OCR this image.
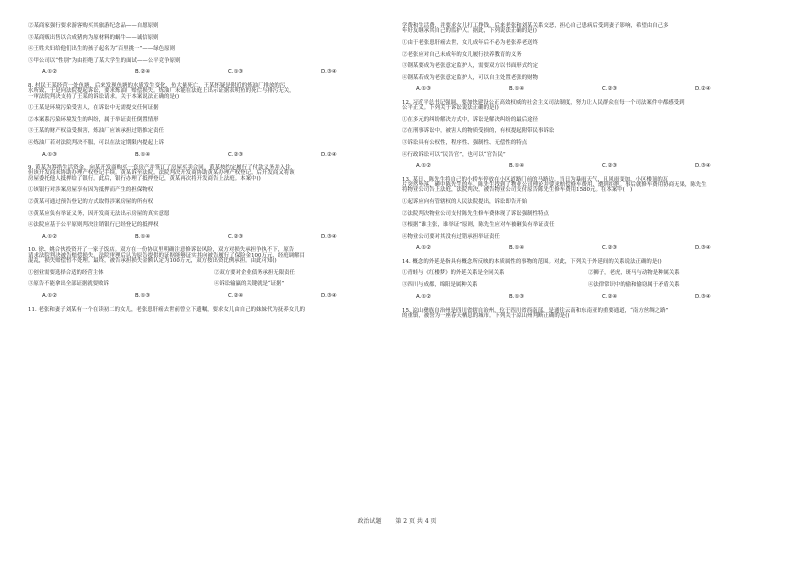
②某商家强行要求游客购买其旅游纪念品——自愿原则
③某商贩出售以合成猪肉为原材料的蜗牛——诚信原则
④王姓夫妇给他们出生的孩子起名为“百里挑一”——绿色原则
⑤甲公司以“性别”为由拒绝了某大学生的面试——公平竞争原则
A.①②	B.②④	C.①③	D.③④
8. 村民王某经营一处鱼塘，后来发现鱼塘的水质发生变化，鱼大量死亡，王某怀疑是附近的炼油厂排放的污
水所致，于是向法院提起诉讼，要求炼油厂赔偿损失。炼油厂未能在法庭上出示证据表明鱼的死亡与排污无关，
一审法院判决支持了王某的诉讼请求。关于本案说法正确的是()
①王某是环境污染受害人，在诉讼中无需提交任何证据
②本案系污染环境发生的纠纷，属于举证责任倒置情形
③王某的财产权益受损害，炼油厂应该承担过错推定责任
④炼油厂若对法院判决不服，可以在法定期限内提起上诉
A.①③	B.①④	C.②③	D.②④
9. 黄某为筹措生活资金，向某开发商购买一套房产并签订了房屋买卖合同。黄某按约定履行了付款义务并入住，
但该开发商未协助办理产权登记手续。黄某诉至法院，法院判决开发商协助黄某办理产权登记，后开发商又将该
房屋委托他人抵押给了银行。此后，银行办理了抵押登记，黄某再次将开发商告上法庭。本案中()
①该银行对涉案房屋享有因为抵押而产生的担保物权
②黄某可通过预告登记的方式取得涉案房屋的所有权
③黄某应负有举证义务，因开发商无法出示房屋的真实意愿
④法院应基于公平原则判决注销银行已经登记的抵押权
A.①②	B.①④	C.②③	D.③④
10. 徐、姚合伙投资开了一家子饭店。双方在一份协议里明确注意修诉讼风险，双方对损失承担争执不下，原告
请求法院判决被告赔偿损失。法院审理后认为原告提供的证据能够证实其向被告履行了保险金100万元，经庭调解目
混乱，损失赔偿暂不处理。最终，被告承担损失金额认定为100万元，双方按出资比例承担。由此可知()
①创业需要选择合适的经营主体	②双方要对企业债务承担无限责任
③原告不能拿出全部证据就要败诉	④诉讼输赢的关键就是“证据”
A.①②	B.①③	C.②④	D.③④
11. 老张和妻子刘某有一个在读初二的女儿，老张患肝癌去世前曾立下遗嘱，要求女儿由自己的妹妹代为抚养女儿的
学费和生活费，并要求女儿打工挣钱。后来老张和刘某关系交恶，担心自己患病后受到妻子影响，希望由自己多
年好友继承其自己的监护人。据此，下列说法正确的是()
①由于老张患肝癌去世，女儿成年后不必为老张养老送终
②老张应对自己未成年的女儿履行扶养教育的义务
③钢某要成为老张意定监护人，需要双方以书面形式约定
④钢某若成为老张意定监护人，可以自主处置老张的财物
A.①③	B.①④	C.②③	D.②④
12. 习近平总书记强调，要加快建设公正高效权威的社会主义司法制度，努力让人民群众在每一个司法案件中都感受到
公平正义。下列关于诉讼说法正确的是()
①在多元的纠纷解决方式中，诉讼是解决纠纷的最后途径
②在刑事诉讼中，被害人的物质受损的，有权提起附带民事诉讼
③诉讼具有公权性，程序性、强制性、无偿性的特点
④行政诉讼可以“民告官”，也可以“官告民”
A.①②	B.①④	C.②③	D.③④
13. 某日，陈先生将自己的小轿车停放在小区道路门前的马路边。当日为暴雨天气，且风雨变加，小区楼顶的瓦
片突然坠落，砸中陈先生的车。陈先生找到了物业公司理论并要求赔偿修车费用，遭到拒绝。事后就修车费用协商无果，陈先生
将物业公司告上法庭，法院判决，被告物业公司支付原告陈先生修车费用1580元。在本案中(   )
①起诉应向有管辖权的人民法院提出，诉讼即告开始
②法院判决物业公司支付陈先生修车费体现了诉讼强制性特点
③根据“谁主张，谁举证”原则，陈先生应对车被砸负有举证责任
④物业公司要对其没有过错承担举证责任
A.①②	B.①④	C.②③	D.③④
14. 概念的外延是指具有概念所反映的本质属性的事物的范围。对此，下列关于外延间的关系说法正确的是()
①青蛙与《红楼梦》的外延关系是全同关系	②狮子，老虎，斑马与动物是种属关系
③四川与成都，绵阳是属种关系	④法律常识中的偷和偷窃属于矛盾关系
A.①②	B.①③	C.②④	D.③④
15. 凉山彝族自治州是四川省辖自治州，位于四川省西南部，是通往云南和东南亚的重要通道，“南方丝绸之路”
的重镇，被誉为一座春天栖息的城市。下列关于凉山州判断正确的是()
政治试题 第 2 页 共 4 页
